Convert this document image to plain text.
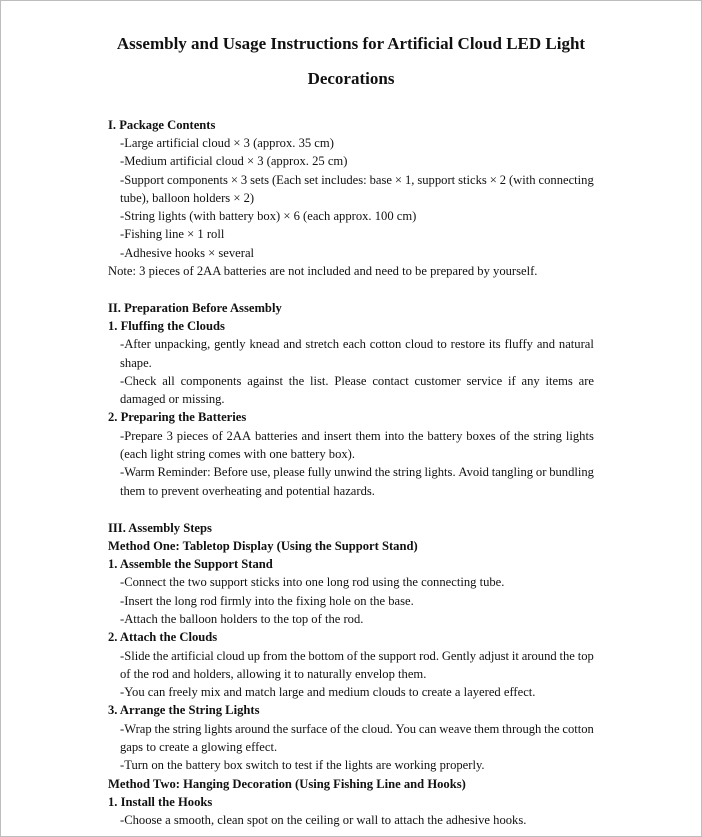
Assembly and Usage Instructions for Artificial Cloud LED Light
Decorations

I. Package Contents

-Large artificial cloud × 3 (approx. 35 cm)

-Medium artificial cloud × 3 (approx. 25 cm)

-Support components × 3 sets (Each set includes: base × 1, support sticks × 2 (with connecting

tube), balloon holders × 2)

-String lights (with battery box) × 6 (each approx. 100 cm)

-Fishing line × 1 roll

-Adhesive hooks × several

Note: 3 pieces of 2AA batteries are not included and need to be prepared by yourself.

II. Preparation Before Assembly

1. Fluffing the Clouds

-After unpacking, gently knead and stretch each cotton cloud to restore its fluffy and natural

shape.

-Check all components against the list. Please contact customer service if any items are

damaged or missing.

2. Preparing the Batteries

-Prepare 3 pieces of 2AA batteries and insert them into the battery boxes of the string lights

(each light string comes with one battery box).

-Warm Reminder: Before use, please fully unwind the string lights. Avoid tangling or bundling

them to prevent overheating and potential hazards.

III. Assembly Steps

Method One: Tabletop Display (Using the Support Stand)

1. Assemble the Support Stand

-Connect the two support sticks into one long rod using the connecting tube.

-Insert the long rod firmly into the fixing hole on the base.

-Attach the balloon holders to the top of the rod.

2. Attach the Clouds

-Slide the artificial cloud up from the bottom of the support rod. Gently adjust it around the top

of the rod and holders, allowing it to naturally envelop them.

-You can freely mix and match large and medium clouds to create a layered effect.

3. Arrange the String Lights

-Wrap the string lights around the surface of the cloud. You can weave them through the cotton

gaps to create a glowing effect.

-Turn on the battery box switch to test if the lights are working properly.

Method Two: Hanging Decoration (Using Fishing Line and Hooks)

1. Install the Hooks

-Choose a smooth, clean spot on the ceiling or wall to attach the adhesive hooks.
